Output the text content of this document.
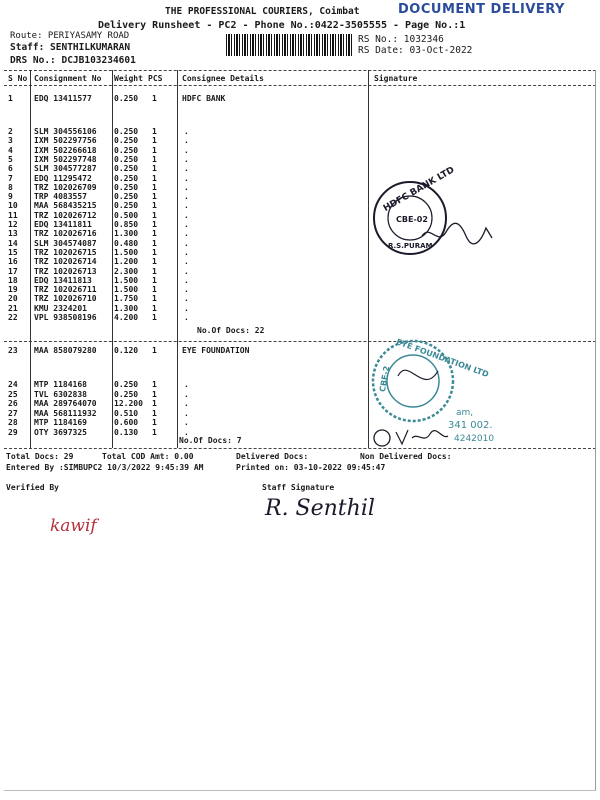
THE PROFESSIONAL COURIERS, Coimbat	DOCUMENT DELIVERY
Delivery Runsheet - PC2 - Phone No.:0422-3505555 - Page No.:1
Route: PERIYASAMY ROAD
Staff: SENTHILKUMARAN
DRS No.: DCJB103234601
RS No.: 1032346
RS Date: 03-Oct-2022
S No Consignment No Weight PCS Consignee Details	Signature
1	EDQ 13411577	0.250 1	HDFC BANK
2	SLM 304556106 0.250 1	.
3	IXM 502297756 0.250 1	.
4	IXM 502266618 0.250 1	.
5	IXM 502297748 0.250 1	.
6	SLM 304577287 0.250 1	.
7	EDQ 11295472	0.250 1	.
8	TRZ 102026709 0.250 1	.
9	TRP 4083557	0.250 1	.
10 MAA 568435215 0.250 1	.
11 TRZ 102026712 0.500 1	.
12 EDQ 13411811	0.850 1	.
13 TRZ 102026716 1.300 1	.
14 SLM 304574087 0.480 1	.
15 TRZ 102026715 1.500 1	.
16 TRZ 102026714 1.200 1	.
17 TRZ 102026713 2.300 1	.
18 EDQ 13411813	1.500 1	.
19 TRZ 102026711 1.500 1	.
20 TRZ 102026710 1.750 1	.
21 KMU 2324201	1.300 1	.
22 VPL 938508196 4.200 1	.
No.Of Docs: 22
23 MAA 858079280 0.120 1	EYE FOUNDATION
24 MTP 1184168	0.250 1	.
25 TVL 6302838	0.250 1	.
26 MAA 289764070 12.200 1	.
27 MAA 568111932 0.510 1	.
28 MTP 1184169	0.600 1	.
29 OTY 3697325	0.130 1	.
No.Of Docs: 7
HDFC BANK LTD
CBE-02
R.S.PURAM
EYE FOUNDATION LTD
CBE-2
am,
341 002.
4242010
Total Docs: 29	Total COD Amt: 0.00	Delivered Docs:	Non Delivered Docs:
Entered By :SIMBUPC2 10/3/2022 9:45:39 AM	Printed on: 03-10-2022 09:45:47
Verified By	Staff Signature
kawif
R. Senthil
